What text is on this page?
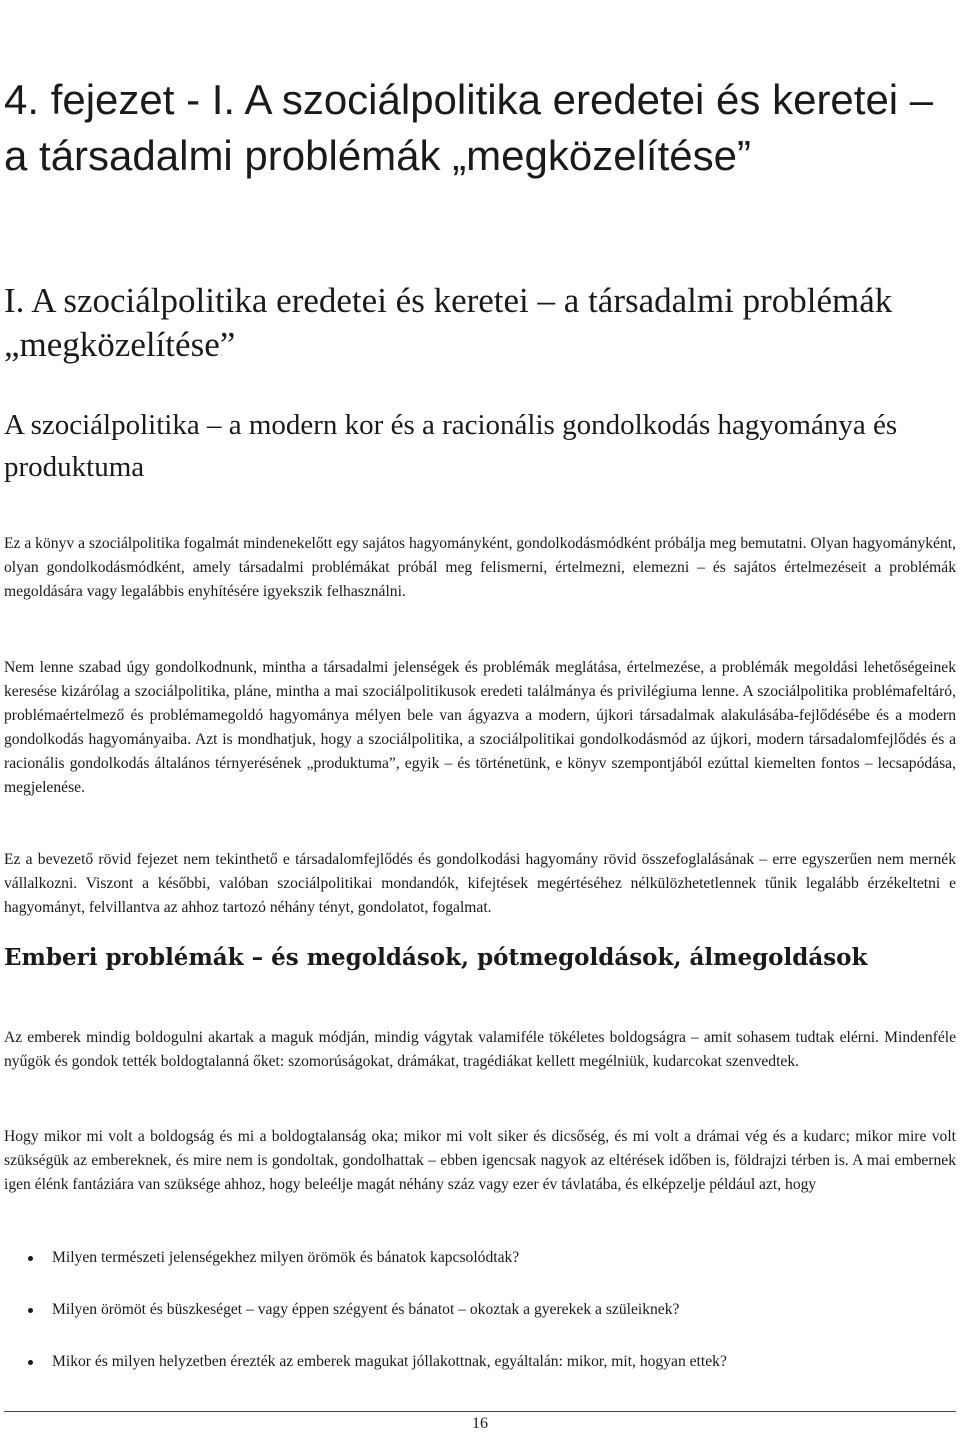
4. fejezet - I. A szociálpolitika eredetei és keretei – a társadalmi problémák „megközelítése”
I. A szociálpolitika eredetei és keretei – a társadalmi problémák „megközelítése”
A szociálpolitika – a modern kor és a racionális gondolkodás hagyománya és produktuma

Ez a könyv a szociálpolitika fogalmát mindenekelőtt egy sajátos hagyományként, gondolkodásmódként próbálja meg bemutatni. Olyan hagyományként, olyan gondolkodásmódként, amely társadalmi problémákat próbál meg felismerni, értelmezni, elemezni – és sajátos értelmezéseit a problémák megoldására vagy legalábbis enyhítésére igyekszik felhasználni.

Nem lenne szabad úgy gondolkodnunk, mintha a társadalmi jelenségek és problémák meglátása, értelmezése, a problémák megoldási lehetőségeinek keresése kizárólag a szociálpolitika, pláne, mintha a mai szociálpolitikusok eredeti találmánya és privilégiuma lenne. A szociálpolitika problémafeltáró, problémaértelmező és problémamegoldó hagyománya mélyen bele van ágyazva a modern, újkori társadalmak alakulásába-fejlődésébe és a modern gondolkodás hagyományaiba. Azt is mondhatjuk, hogy a szociálpolitika, a szociálpolitikai gondolkodásmód az újkori, modern társadalomfejlődés és a racionális gondolkodás általános térnyerésének „produktuma”, egyik – és történetünk, e könyv szempontjából ezúttal kiemelten fontos – lecsapódása, megjelenése.

Ez a bevezető rövid fejezet nem tekinthető e társadalomfejlődés és gondolkodási hagyomány rövid összefoglalásának – erre egyszerűen nem mernék vállalkozni. Viszont a későbbi, valóban szociálpolitikai mondandók, kifejtések megértéséhez nélkülözhetetlennek tűnik legalább érzékeltetni e hagyományt, felvillantva az ahhoz tartozó néhány tényt, gondolatot, fogalmat.

Emberi problémák – és megoldások, pótmegoldások, álmegoldások

Az emberek mindig boldogulni akartak a maguk módján, mindig vágytak valamiféle tökéletes boldogságra – amit sohasem tudtak elérni. Mindenféle nyűgök és gondok tették boldogtalanná őket: szomorúságokat, drámákat, tragédiákat kellett megélniük, kudarcokat szenvedtek.

Hogy mikor mi volt a boldogság és mi a boldogtalanság oka; mikor mi volt siker és dicsőség, és mi volt a drámai vég és a kudarc; mikor mire volt szükségük az embereknek, és mire nem is gondoltak, gondolhattak – ebben igencsak nagyok az eltérések időben is, földrajzi térben is. A mai embernek igen élénk fantáziára van szüksége ahhoz, hogy beleélje magát néhány száz vagy ezer év távlatába, és elképzelje például azt, hogy

Milyen természeti jelenségekhez milyen örömök és bánatok kapcsolódtak?
Milyen örömöt és büszkeséget – vagy éppen szégyent és bánatot – okoztak a gyerekek a szüleiknek?
Mikor és milyen helyzetben érezték az emberek magukat jóllakottnak, egyáltalán: mikor, mit, hogyan ettek?
16
